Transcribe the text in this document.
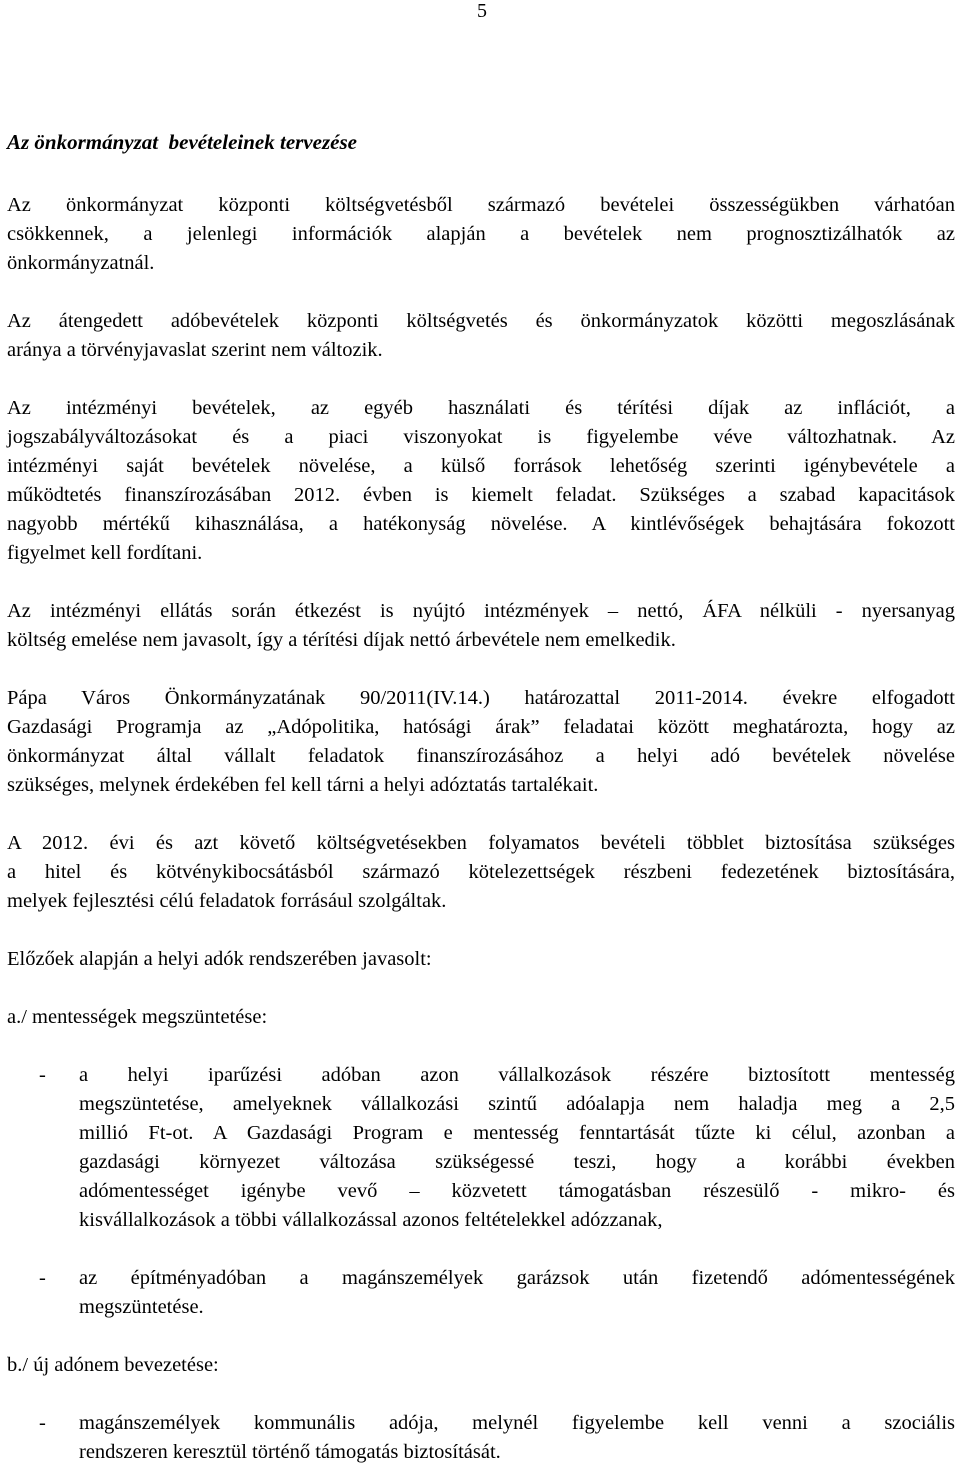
5
Az önkormányzat  bevételeinek tervezése
Az önkormányzat központi költségvetésből származó bevételei összességükben várhatóan
csökkennek, a jelenlegi információk alapján a bevételek nem prognosztizálhatók az
önkormányzatnál.
Az átengedett adóbevételek központi költségvetés és önkormányzatok közötti megoszlásának
aránya a törvényjavaslat szerint nem változik.
Az intézményi bevételek, az egyéb használati és térítési díjak az inflációt, a
jogszabályváltozásokat és a piaci viszonyokat is figyelembe véve változhatnak. Az
intézményi saját bevételek növelése, a külső források lehetőség szerinti igénybevétele a
működtetés finanszírozásában 2012. évben is kiemelt feladat. Szükséges a szabad kapacitások
nagyobb mértékű kihasználása, a hatékonyság növelése. A kintlévőségek behajtására fokozott
figyelmet kell fordítani.
Az intézményi ellátás során étkezést is nyújtó intézmények – nettó, ÁFA nélküli - nyersanyag
költség emelése nem javasolt, így a térítési díjak nettó árbevétele nem emelkedik.
Pápa Város Önkormányzatának 90/2011(IV.14.) határozattal 2011-2014. évekre elfogadott
Gazdasági Programja az „Adópolitika, hatósági árak” feladatai között meghatározta, hogy az
önkormányzat által vállalt feladatok finanszírozásához a helyi adó bevételek növelése
szükséges, melynek érdekében fel kell tárni a helyi adóztatás tartalékait.
A 2012. évi és azt követő költségvetésekben folyamatos bevételi többlet biztosítása szükséges
a hitel és kötvénykibocsátásból származó kötelezettségek részbeni fedezetének biztosítására,
melyek fejlesztési célú feladatok forrásául szolgáltak.
Előzőek alapján a helyi adók rendszerében javasolt:
a./ mentességek megszüntetése:
- a helyi iparűzési adóban azon vállalkozások részére biztosított mentesség
megszüntetése, amelyeknek vállalkozási szintű adóalapja nem haladja meg a 2,5
millió Ft-ot. A Gazdasági Program e mentesség fenntartását tűzte ki célul, azonban a
gazdasági környezet változása szükségessé teszi, hogy a korábbi években
adómentességet igénybe vevő – közvetett támogatásban részesülő - mikro- és
kisvállalkozások a többi vállalkozással azonos feltételekkel adózzanak,
- az építményadóban a magánszemélyek garázsok után fizetendő adómentességének
megszüntetése.
b./ új adónem bevezetése:
- magánszemélyek kommunális adója, melynél figyelembe kell venni a szociális
rendszeren keresztül történő támogatás biztosítását.
